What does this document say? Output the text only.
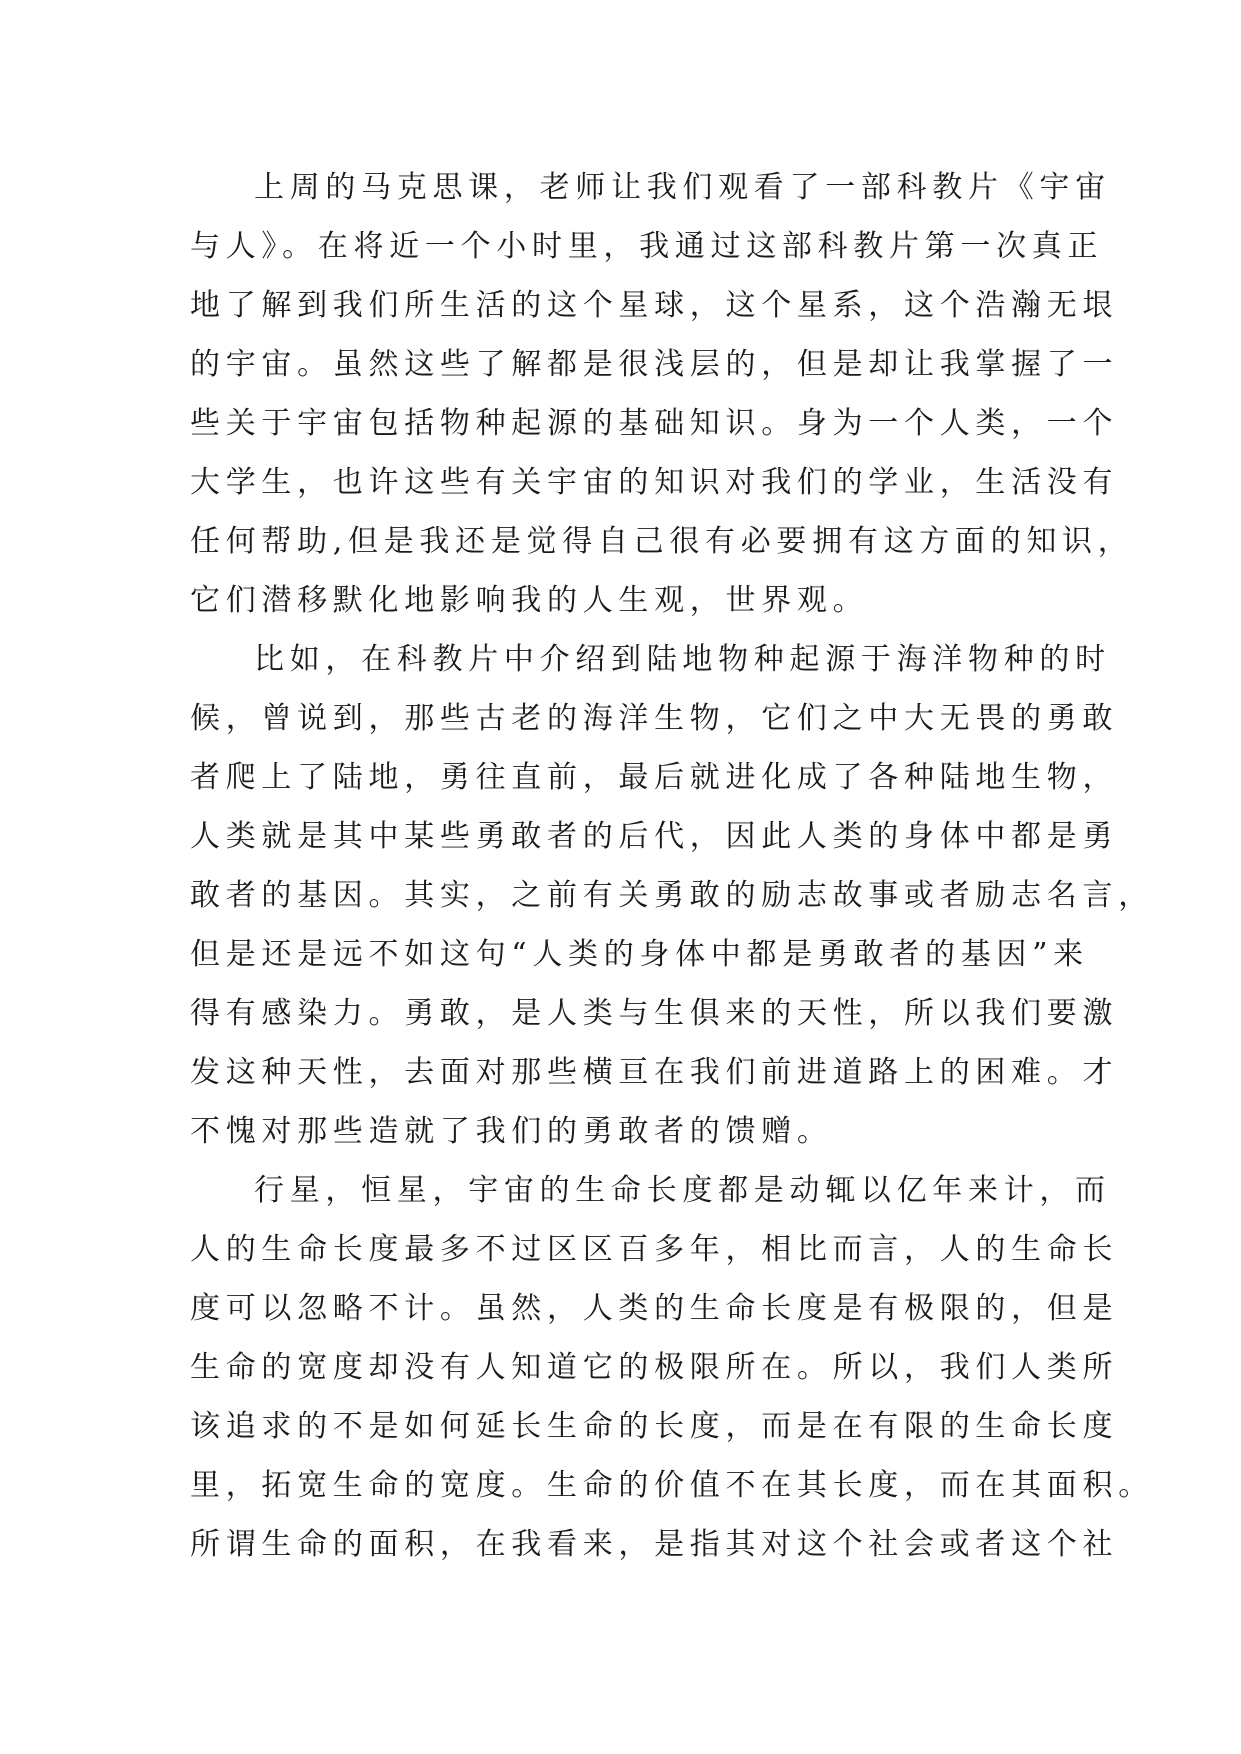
上周的马克思课，老师让我们观看了一部科教片《宇宙
与人》。在将近一个小时里，我通过这部科教片第一次真正
地了解到我们所生活的这个星球，这个星系，这个浩瀚无垠
的宇宙。虽然这些了解都是很浅层的，但是却让我掌握了一
些关于宇宙包括物种起源的基础知识。身为一个人类，一个
大学生，也许这些有关宇宙的知识对我们的学业，生活没有
任何帮助,但是我还是觉得自己很有必要拥有这方面的知识，
它们潜移默化地影响我的人生观，世界观。

比如，在科教片中介绍到陆地物种起源于海洋物种的时
候，曾说到，那些古老的海洋生物，它们之中大无畏的勇敢
者爬上了陆地，勇往直前，最后就进化成了各种陆地生物，
人类就是其中某些勇敢者的后代，因此人类的身体中都是勇
敢者的基因。其实，之前有关勇敢的励志故事或者励志名言，
但是还是远不如这句“人类的身体中都是勇敢者的基因”来
得有感染力。勇敢，是人类与生俱来的天性，所以我们要激
发这种天性，去面对那些横亘在我们前进道路上的困难。才
不愧对那些造就了我们的勇敢者的馈赠。

行星，恒星，宇宙的生命长度都是动辄以亿年来计，而
人的生命长度最多不过区区百多年，相比而言，人的生命长
度可以忽略不计。虽然，人类的生命长度是有极限的，但是
生命的宽度却没有人知道它的极限所在。所以，我们人类所
该追求的不是如何延长生命的长度，而是在有限的生命长度
里，拓宽生命的宽度。生命的价值不在其长度，而在其面积。
所谓生命的面积，在我看来，是指其对这个社会或者这个社
